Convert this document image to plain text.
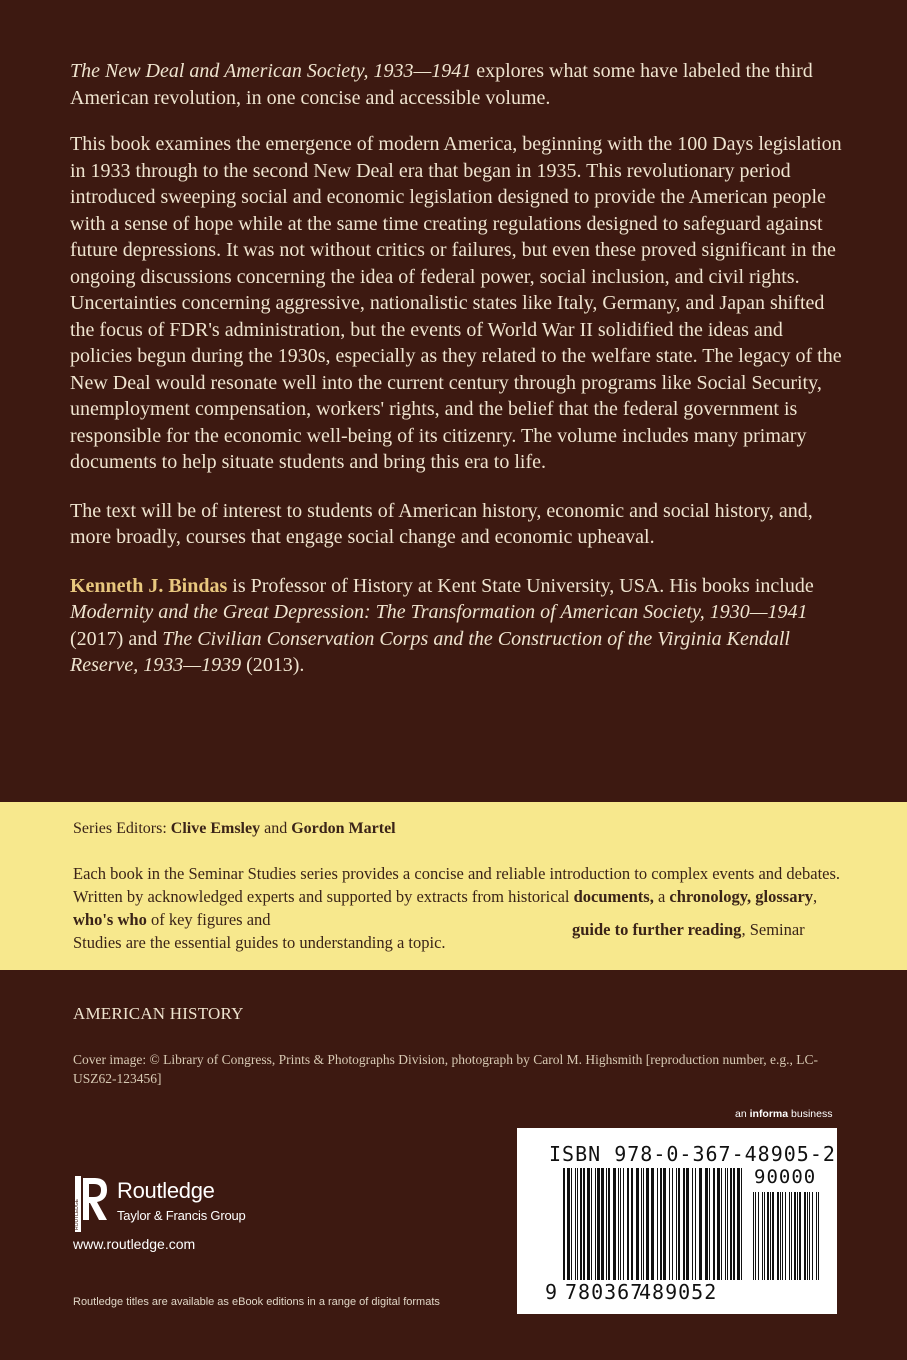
The New Deal and American Society, 1933—1941 explores what some have labeled the third American revolution, in one concise and accessible volume.

This book examines the emergence of modern America, beginning with the 100 Days legislation in 1933 through to the second New Deal era that began in 1935. This revolutionary period introduced sweeping social and economic legislation designed to provide the American people with a sense of hope while at the same time creating regulations designed to safeguard against future depressions. It was not without critics or failures, but even these proved significant in the ongoing discussions concerning the idea of federal power, social inclusion, and civil rights. Uncertainties concerning aggressive, nationalistic states like Italy, Germany, and Japan shifted the focus of FDR's administration, but the events of World War II solidified the ideas and policies begun during the 1930s, especially as they related to the welfare state. The legacy of the New Deal would resonate well into the current century through programs like Social Security, unemployment compensation, workers' rights, and the belief that the federal government is responsible for the economic well-being of its citizenry. The volume includes many primary documents to help situate students and bring this era to life.

The text will be of interest to students of American history, economic and social history, and, more broadly, courses that engage social change and economic upheaval.

Kenneth J. Bindas is Professor of History at Kent State University, USA. His books include Modernity and the Great Depression: The Transformation of American Society, 1930—1941 (2017) and The Civilian Conservation Corps and the Construction of the Virginia Kendall Reserve, 1933—1939 (2013).

Series Editors: Clive Emsley and Gordon Martel
Each book in the Seminar Studies series provides a concise and reliable introduction to complex events and debates. Written by acknowledged experts and supported by extracts from historical documents, a chronology, glossary, who's who of key figures and
Studies are the essential guides to understanding a topic.
guide to further reading, Seminar
AMERICAN HISTORY
Cover image: © Library of Congress, Prints & Photographs Division, photograph by Carol M. Highsmith [reproduction number, e.g., LC-USZ62-123456]
an informa business
ISBN 978-0-367-48905-2
90000
9 780367
489052
ROUTLEDGE
Routledge
Taylor & Francis Group
www.routledge.com
Routledge titles are available as eBook editions in a range of digital formats
